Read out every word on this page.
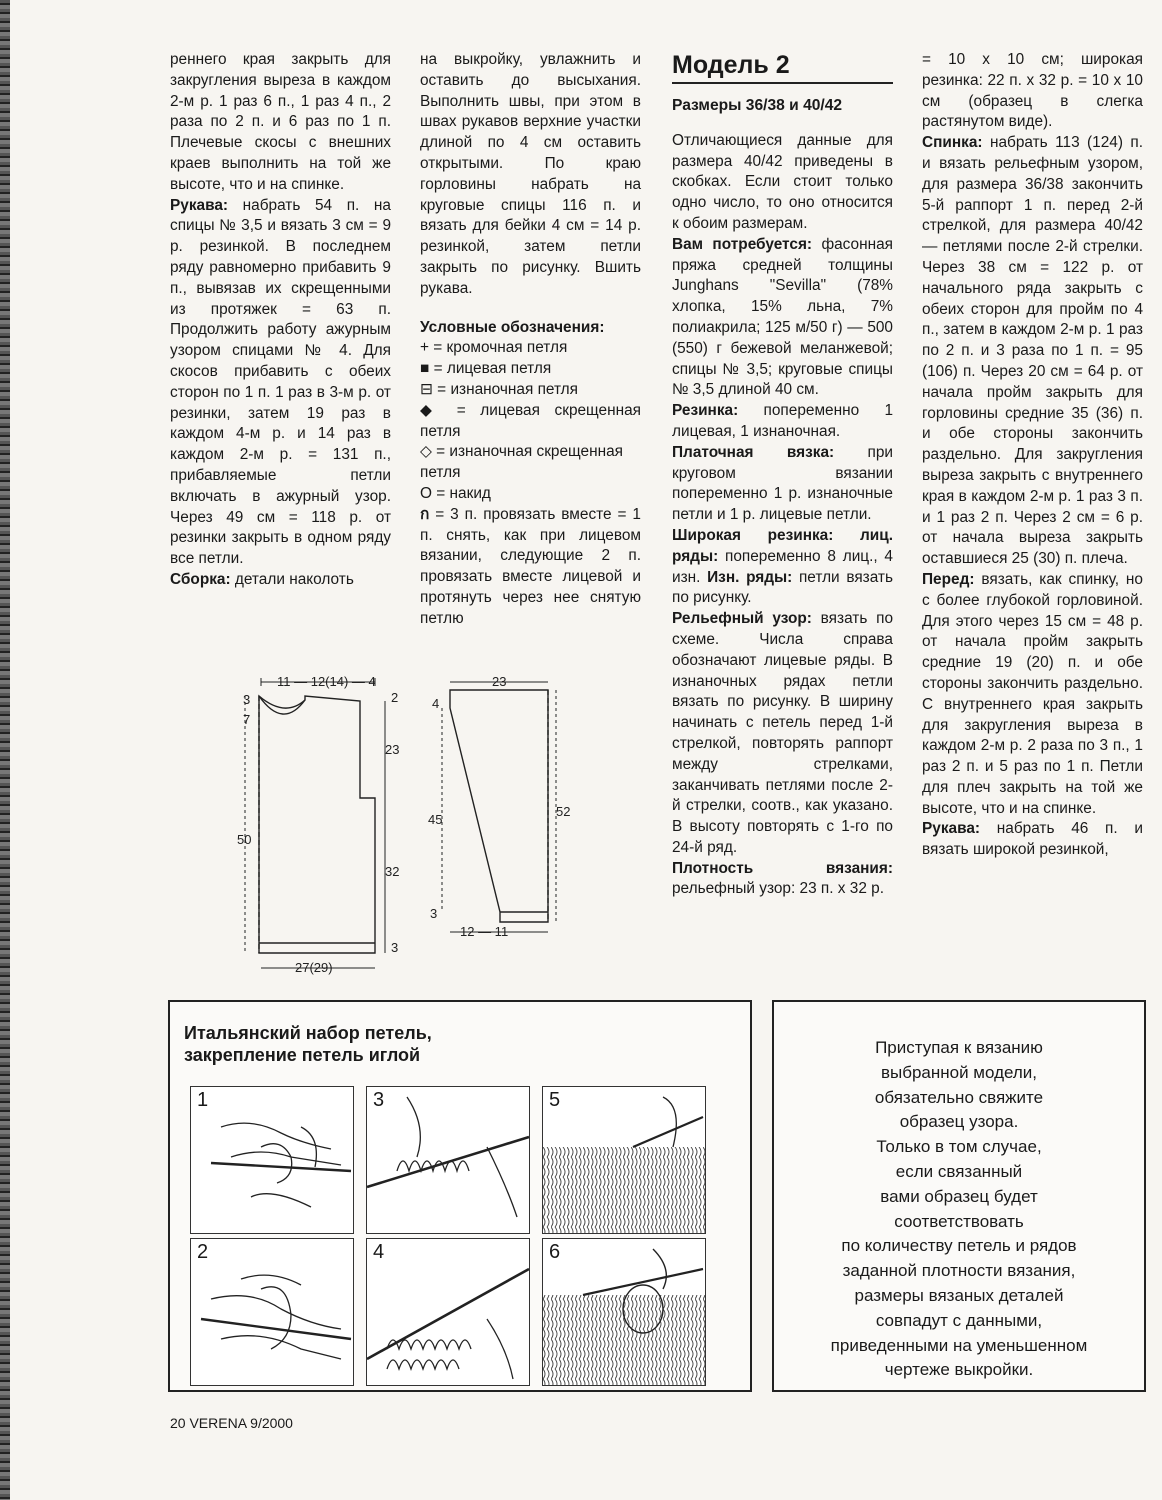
реннего края закрыть для закругления выреза в каждом 2-м р. 1 раз 6 п., 1 раз 4 п., 2 раза по 2 п. и 6 раз по 1 п. Плечевые скосы с внешних краев выполнить на той же высоте, что и на спинке.

Рукава: набрать 54 п. на спицы № 3,5 и вязать 3 см = 9 р. резинкой. В последнем ряду равномерно прибавить 9 п., вывязав их скрещенными из протяжек = 63 п. Продолжить работу ажурным узором спицами № 4. Для скосов прибавить с обеих сторон по 1 п. 1 раз в 3-м р. от резинки, затем 19 раз в каждом 4-м р. и 14 раз в каждом 2-м р. = 131 п., прибавляемые петли включать в ажурный узор. Через 49 см = 118 р. от резинки закрыть в одном ряду все петли.

Сборка: детали наколоть

на выкройку, увлажнить и оставить до высыхания. Выполнить швы, при этом в швах рукавов верхние участки длиной по 4 см оставить открытыми. По краю горловины набрать на круговые спицы 116 п. и вязать для бейки 4 см = 14 р. резинкой, затем петли закрыть по рисунку. Вшить рукава.

Условные обозначения:

+ = кромочная петля

■ = лицевая петля

⊟ = изнаночная петля

◆ = лицевая скрещенная петля

◇ = изнаночная скрещенная петля

O = накид

ก = 3 п. провязать вместе = 1 п. снять, как при лицевом вязании, следующие 2 п. провязать вместе лицевой и протянуть через нее снятую петлю

Модель 2
Размеры 36/38 и 40/42

Отличающиеся данные для размера 40/42 приведены в скобках. Если стоит только одно число, то оно относится к обоим размерам.

Вам потребуется: фасонная пряжа средней толщины Junghans "Sevilla" (78% хлопка, 15% льна, 7% полиакрила; 125 м/50 г) — 500 (550) г бежевой меланжевой; спицы № 3,5; круговые спицы № 3,5 длиной 40 см.

Резинка: попеременно 1 лицевая, 1 изнаночная.

Платочная вязка: при круговом вязании попеременно 1 р. изнаночные петли и 1 р. лицевые петли.

Широкая резинка: лиц. ряды: попеременно 8 лиц., 4 изн. Изн. ряды: петли вязать по рисунку.

Рельефный узор: вязать по схеме. Числа справа обозначают лицевые ряды. В изнаночных рядах петли вязать по рисунку. В ширину начинать с петель перед 1-й стрелкой, повторять раппорт между стрелками, заканчивать петлями после 2-й стрелки, соотв., как указано. В высоту повторять с 1-го по 24-й ряд.

Плотность вязания: рельефный узор: 23 п. х 32 р.

= 10 х 10 см; широкая резинка: 22 п. х 32 р. = 10 х 10 см (образец в слегка растянутом виде).

Спинка: набрать 113 (124) п. и вязать рельефным узором, для размера 36/38 закончить 5-й раппорт 1 п. перед 2-й стрелкой, для размера 40/42 — петлями после 2-й стрелки. Через 38 см = 122 р. от начального ряда закрыть с обеих сторон для пройм по 4 п., затем в каждом 2-м р. 1 раз по 2 п. и 3 раза по 1 п. = 95 (106) п. Через 20 см = 64 р. от начала пройм закрыть для горловины средние 35 (36) п. и обе стороны закончить раздельно. Для закругления выреза закрыть с внутреннего края в каждом 2-м р. 1 раз 3 п. и 1 раз 2 п. Через 2 см = 6 р. от начала выреза закрыть оставшиеся 25 (30) п. плеча.

Перед: вязать, как спинку, но с более глубокой горловиной. Для этого через 15 см = 48 р. от начала пройм закрыть средние 19 (20) п. и обе стороны закончить раздельно. С внутреннего края закрыть для закругления выреза в каждом 2-м р. 2 раза по 3 п., 1 раз 2 п. и 5 раз по 1 п. Петли для плеч закрыть на той же высоте, что и на спинке.

Рукава: набрать 46 п. и вязать широкой резинкой,

11 — 12(14) — 4
3
7
2
23
50
32
3
27(29)
23
4
45
52
3
12 — 11
Итальянский набор петель,
закрепление петель иглой
1
2
3
4
5
6
Приступая к вязанию
выбранной модели,
обязательно свяжите
образец узора.
Только в том случае,
если связанный
вами образец будет
соответствовать
по количеству петель и рядов
заданной плотности вязания,
размеры вязаных деталей
совпадут с данными,
приведенными на уменьшенном
чертеже выкройки.
20 VERENA 9/2000
